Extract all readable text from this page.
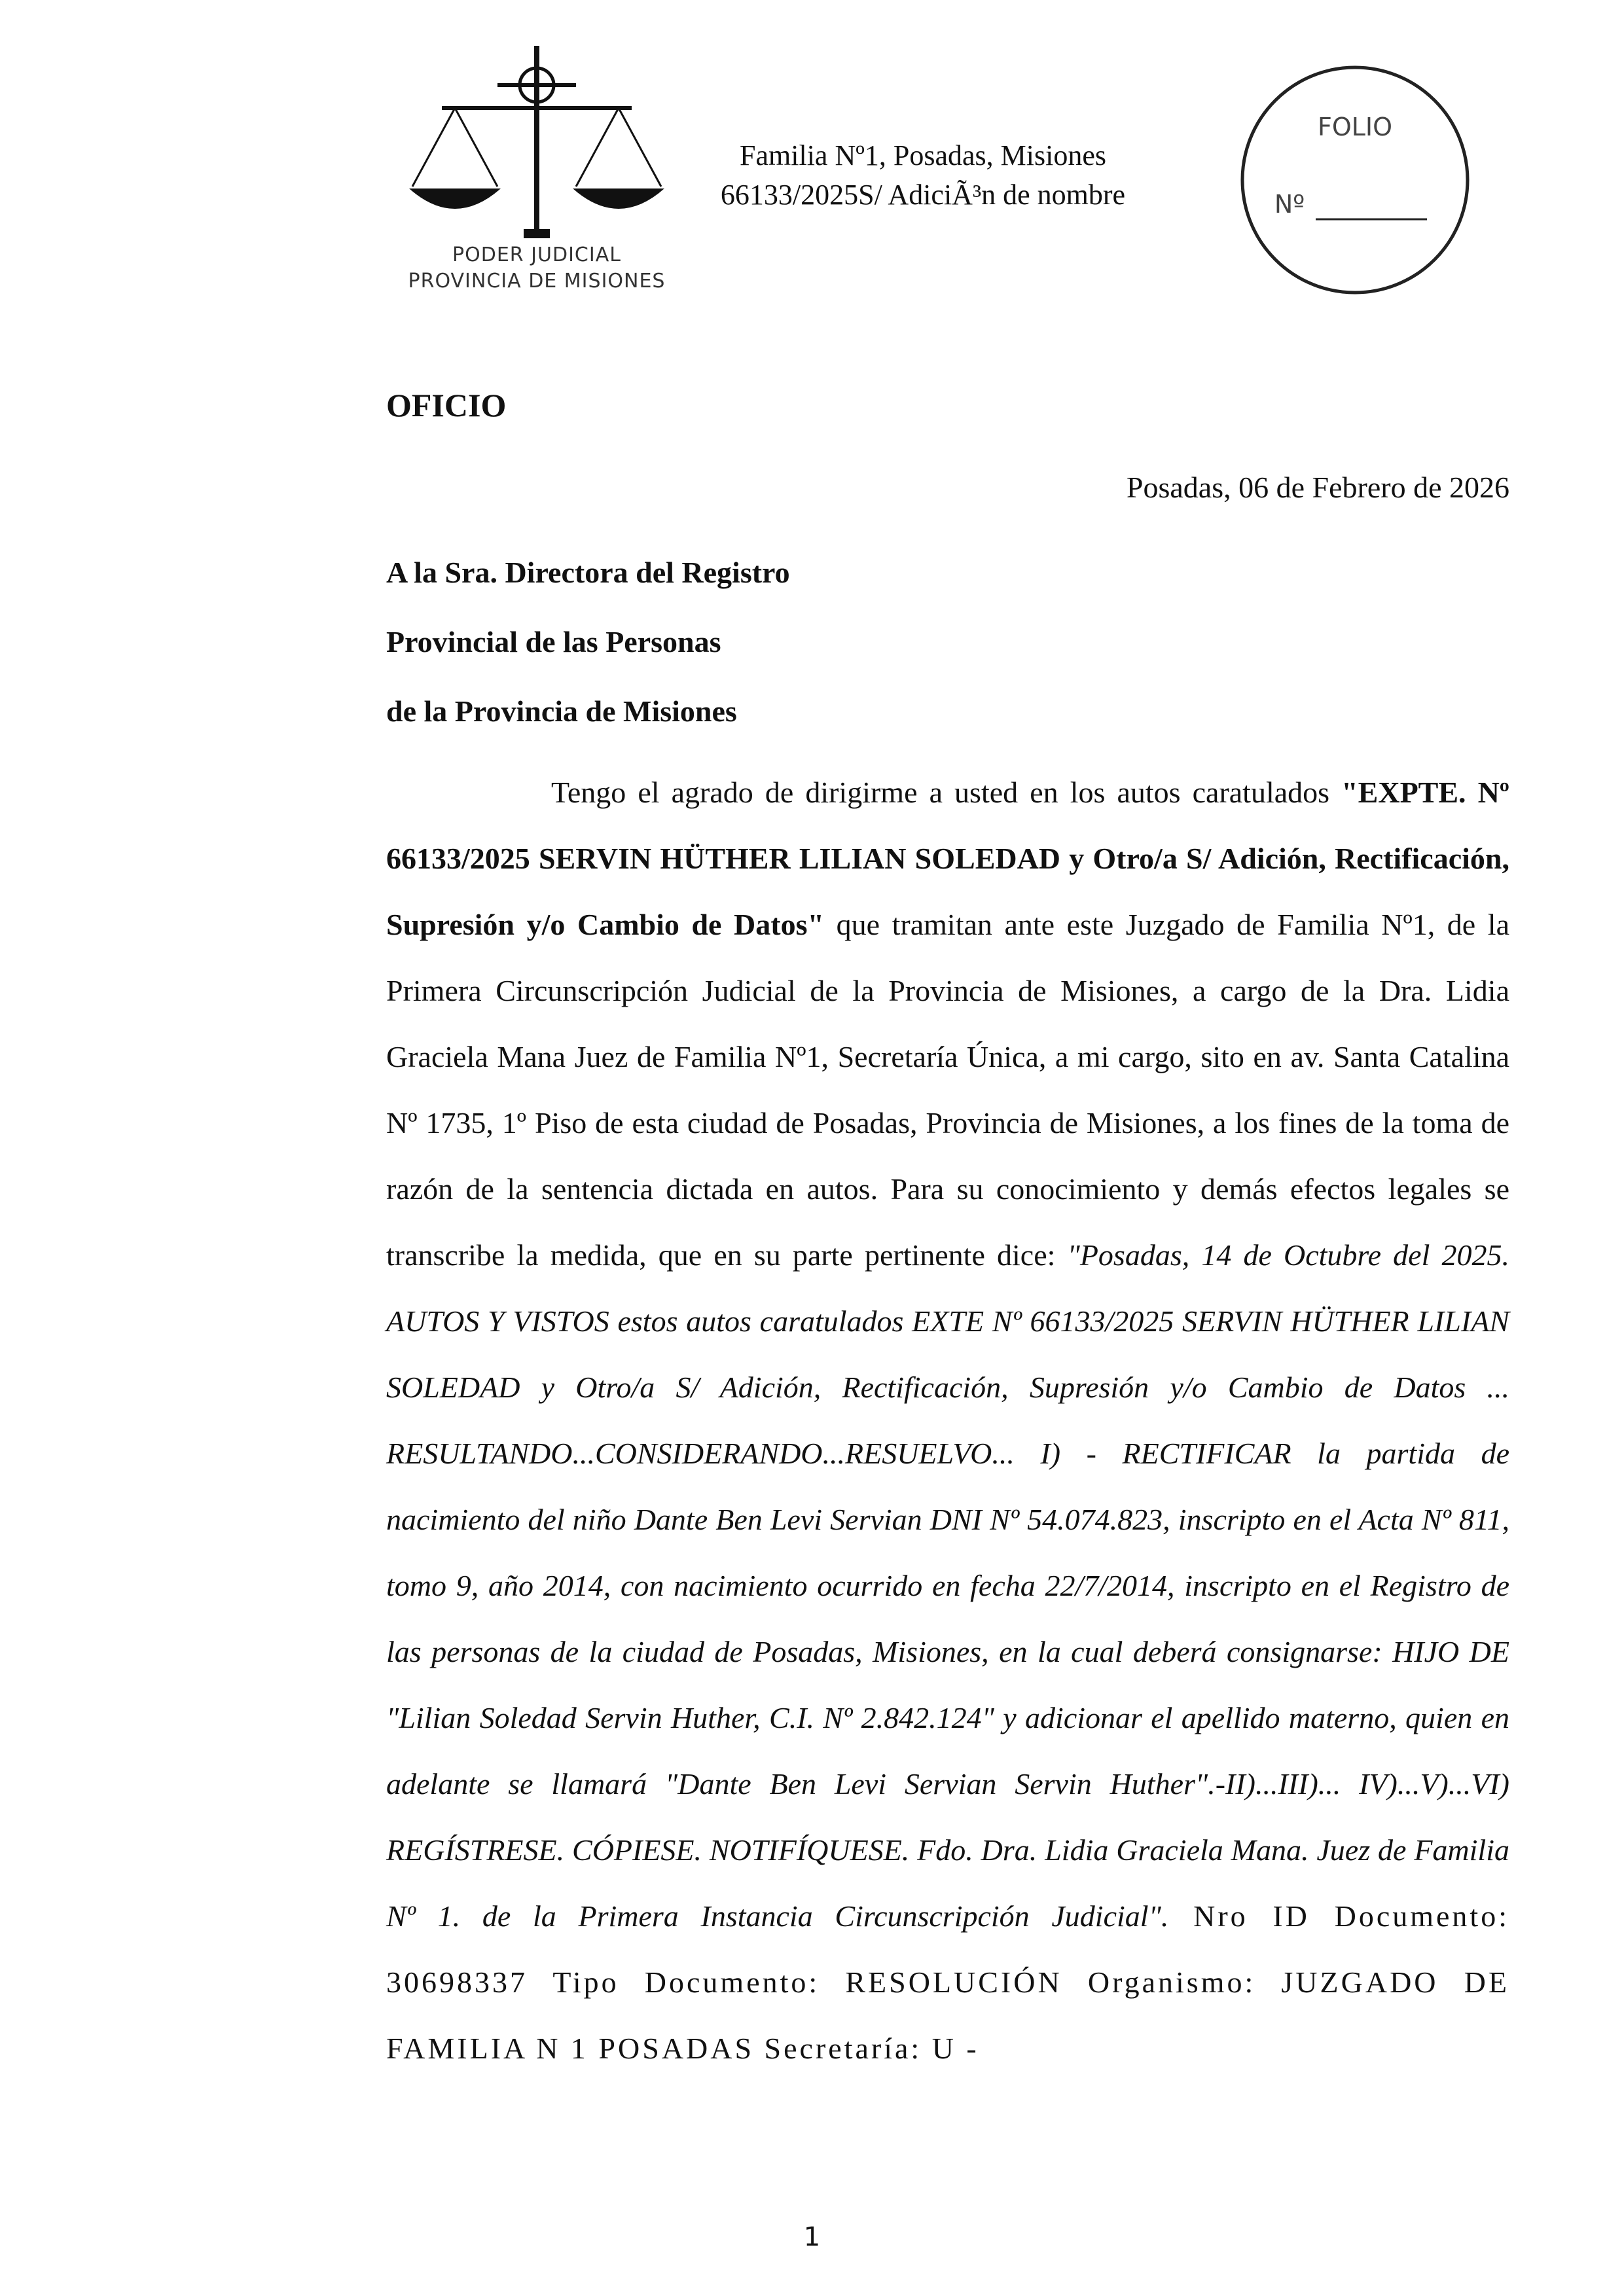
PODER JUDICIAL
PROVINCIA DE MISIONES
Familia Nº1, Posadas, Misiones
66133/2025S/ AdiciÃ³n de nombre
FOLIO
Nº
OFICIO
Posadas, 06 de Febrero de 2026
A la Sra. Directora del Registro
Provincial de las Personas
de la Provincia de Misiones

Tengo el agrado de dirigirme a usted en los autos caratulados "EXPTE. Nº 66133/2025 SERVIN HÜTHER LILIAN SOLEDAD y Otro/a S/ Adición, Rectificación, Supresión y/o Cambio de Datos" que tramitan ante este Juzgado de Familia Nº1, de la Primera Circunscripción Judicial de la Provincia de Misiones, a cargo de la Dra. Lidia Graciela Mana Juez de Familia Nº1, Secretaría Única, a mi cargo, sito en av. Santa Catalina Nº 1735, 1º Piso de esta ciudad de Posadas, Provincia de Misiones, a los fines de la toma de razón de la sentencia dictada en autos. Para su conocimiento y demás efectos legales se transcribe la medida, que en su parte pertinente dice: "Posadas, 14 de Octubre del 2025. AUTOS Y VISTOS estos autos caratulados EXTE Nº 66133/2025 SERVIN HÜTHER LILIAN SOLEDAD y Otro/a S/ Adición, Rectificación, Supresión y/o Cambio de Datos ... RESULTANDO...CONSIDERANDO...RESUELVO... I) - RECTIFICAR la partida de nacimiento del niño Dante Ben Levi Servian DNI Nº 54.074.823, inscripto en el Acta Nº 811, tomo 9, año 2014, con nacimiento ocurrido en fecha 22/7/2014, inscripto en el Registro de las personas de la ciudad de Posadas, Misiones, en la cual deberá consignarse: HIJO DE "Lilian Soledad Servin Huther, C.I. Nº 2.842.124" y adicionar el apellido materno, quien en adelante se llamará "Dante Ben Levi Servian Servin Huther".-II)...III)... IV)...V)...VI) REGÍSTRESE. CÓPIESE. NOTIFÍQUESE. Fdo. Dra. Lidia Graciela Mana. Juez de Familia Nº 1. de la Primera Instancia Circunscripción Judicial". Nro ID Documento: 30698337 Tipo Documento: RESOLUCIÓN Organismo: JUZGADO DE FAMILIA N 1 POSADAS Secretaría: U -

1
